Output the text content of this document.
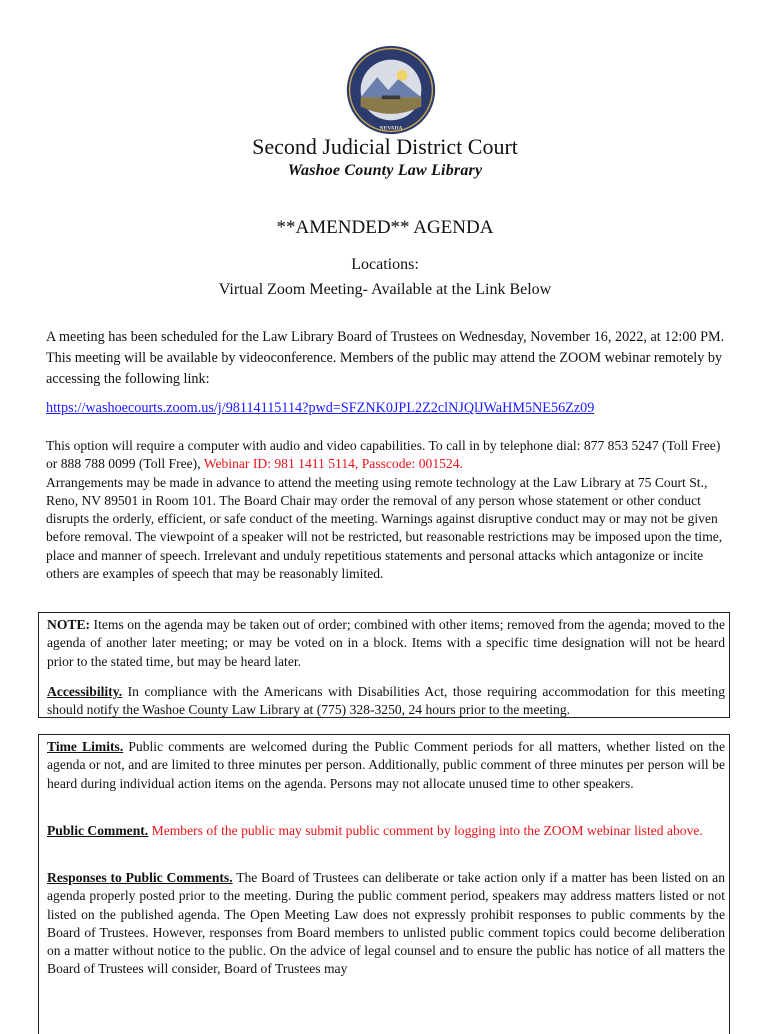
NEVADA
Second Judicial District Court
Washoe County Law Library
**AMENDED** AGENDA
Locations:
Virtual Zoom Meeting- Available at the Link Below
A meeting has been scheduled for the Law Library Board of Trustees on Wednesday, November 16, 2022, at 12:00 PM. This meeting will be available by videoconference. Members of the public may attend the ZOOM webinar remotely by accessing the following link:
https://washoecourts.zoom.us/j/98114115114?pwd=SFZNK0JPL2Z2clNJQlJWaHM5NE56Zz09
This option will require a computer with audio and video capabilities. To call in by telephone dial: 877 853 5247 (Toll Free) or 888 788 0099 (Toll Free), Webinar ID: 981 1411 5114, Passcode: 001524.
Arrangements may be made in advance to attend the meeting using remote technology at the Law Library at 75 Court St., Reno, NV 89501 in Room 101. The Board Chair may order the removal of any person whose statement or other conduct disrupts the orderly, efficient, or safe conduct of the meeting. Warnings against disruptive conduct may or may not be given before removal. The viewpoint of a speaker will not be restricted, but reasonable restrictions may be imposed upon the time, place and manner of speech. Irrelevant and unduly repetitious statements and personal attacks which antagonize or incite others are examples of speech that may be reasonably limited.
NOTE: Items on the agenda may be taken out of order; combined with other items; removed from the agenda; moved to the agenda of another later meeting; or may be voted on in a block. Items with a specific time designation will not be heard prior to the stated time, but may be heard later.
Accessibility. In compliance with the Americans with Disabilities Act, those requiring accommodation for this meeting should notify the Washoe County Law Library at (775) 328-3250, 24 hours prior to the meeting.
Time Limits. Public comments are welcomed during the Public Comment periods for all matters, whether listed on the agenda or not, and are limited to three minutes per person. Additionally, public comment of three minutes per person will be heard during individual action items on the agenda. Persons may not allocate unused time to other speakers.
Public Comment. Members of the public may submit public comment by logging into the ZOOM webinar listed above.
Responses to Public Comments. The Board of Trustees can deliberate or take action only if a matter has been listed on an agenda properly posted prior to the meeting. During the public comment period, speakers may address matters listed or not listed on the published agenda. The Open Meeting Law does not expressly prohibit responses to public comments by the Board of Trustees. However, responses from Board members to unlisted public comment topics could become deliberation on a matter without notice to the public. On the advice of legal counsel and to ensure the public has notice of all matters the Board of Trustees will consider, Board of Trustees may
